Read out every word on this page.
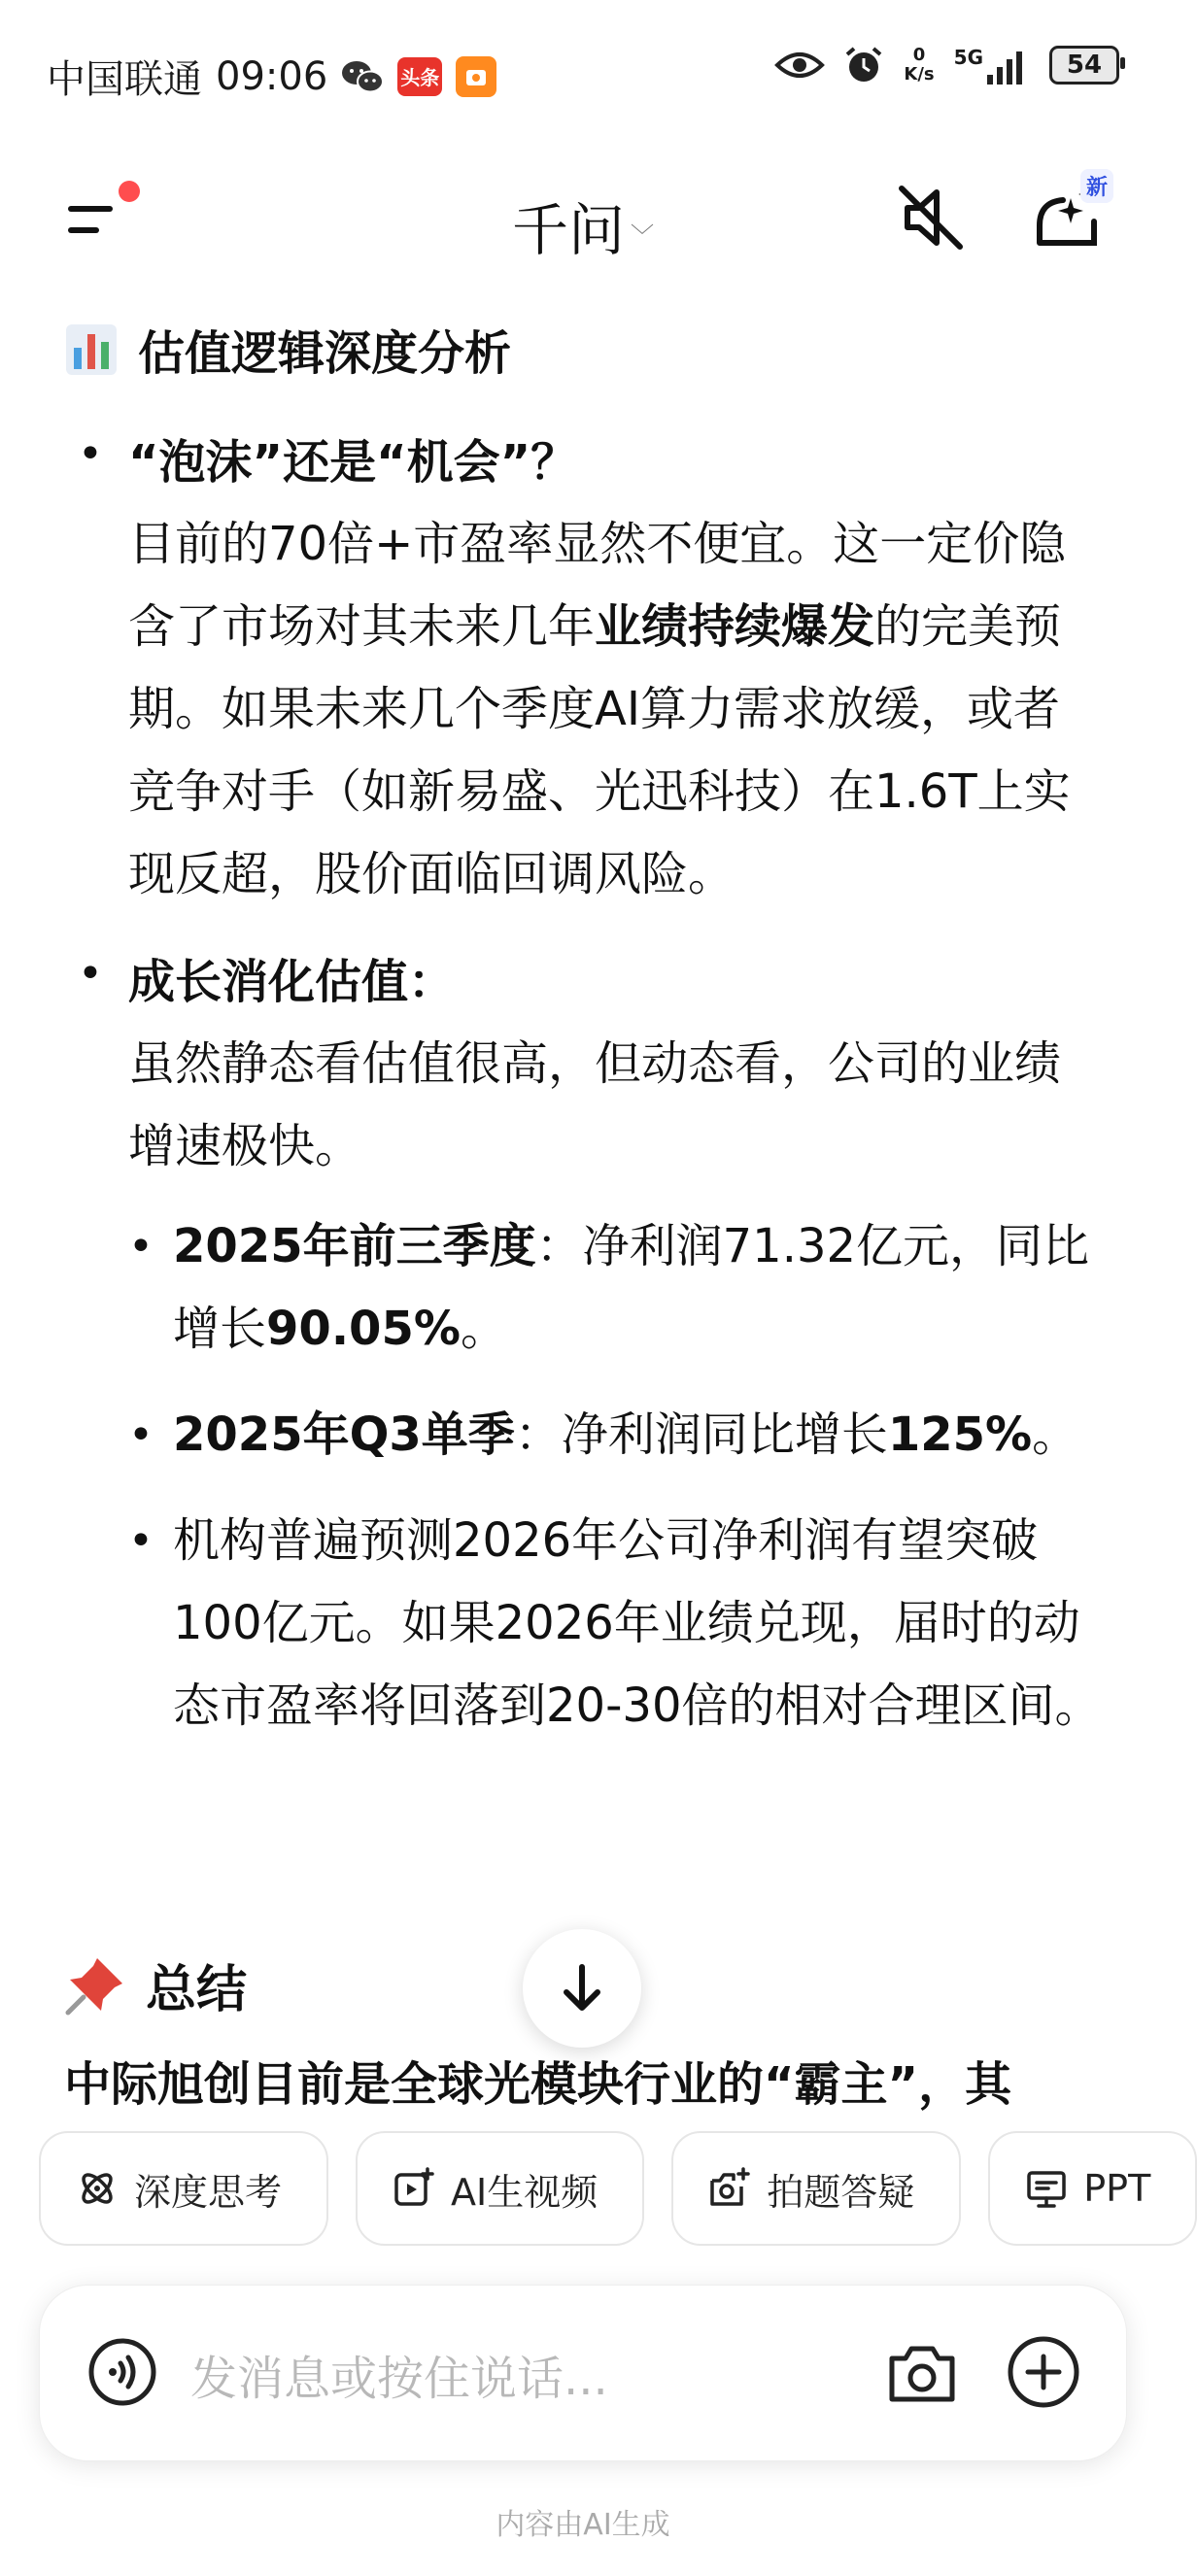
中国联通 09:06	头条
0
K/s
5G	54
千问 ﹀
新
估值逻辑深度分析
• “泡沫”还是“机会”？
目前的70倍+市盈率显然不便宜。这一定价隐含了市场对其未来几年业绩持续爆发的完美预期。如果未来几个季度AI算力需求放缓，或者竞争对手（如新易盛、光迅科技）在1.6T上实现反超，股价面临回调风险。
• 成长消化估值：
虽然静态看估值很高，但动态看，公司的业绩增速极快。
• 2025年前三季度：净利润71.32亿元，同比增长90.05%。
• 2025年Q3单季：净利润同比增长125%。
• 机构普遍预测2026年公司净利润有望突破100亿元。如果2026年业绩兑现，届时的动态市盈率将回落到20-30倍的相对合理区间。
总结
中际旭创目前是全球光模块行业的“霸主”，其
深度思考	AI生视频	拍题答疑	PPT
发消息或按住说话...
内容由AI生成
